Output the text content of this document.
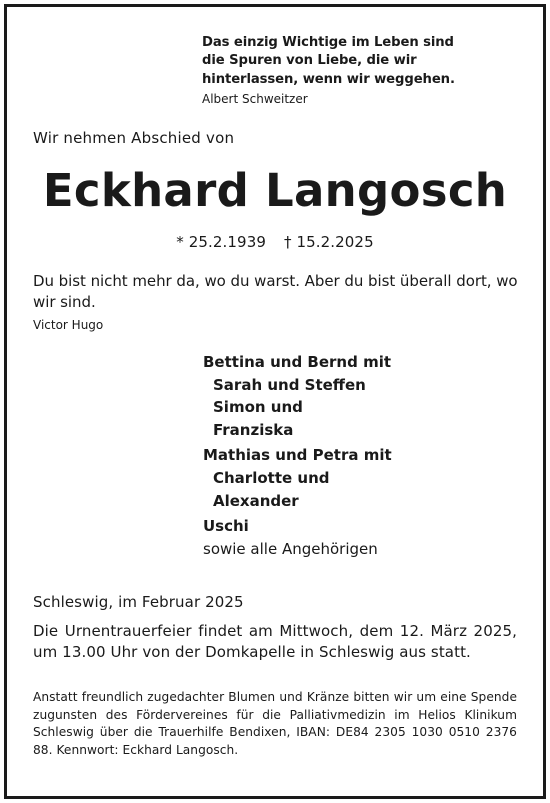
Das einzig Wichtige im Leben sind
die Spuren von Liebe, die wir
hinterlassen, wenn wir weggehen.
Albert Schweitzer
Wir nehmen Abschied von
Eckhard Langosch
* 25.2.1939 † 15.2.2025
Du bist nicht mehr da, wo du warst. Aber du bist überall dort, wo wir sind.
Victor Hugo
Bettina und Bernd mit
Sarah und Steffen
Simon und
Franziska
Mathias und Petra mit
Charlotte und
Alexander
Uschi
sowie alle Angehörigen
Schleswig, im Februar 2025
Die Urnentrauerfeier findet am Mittwoch, dem 12. März 2025, um 13.00 Uhr von der Domkapelle in Schleswig aus statt.
Anstatt freundlich zugedachter Blumen und Kränze bitten wir um eine Spende zugunsten des Fördervereines für die Palliativmedizin im Helios Klinikum Schleswig über die Trauerhilfe Bendixen, IBAN: DE84 2305 1030 0510 2376 88. Kennwort: Eckhard Langosch.
